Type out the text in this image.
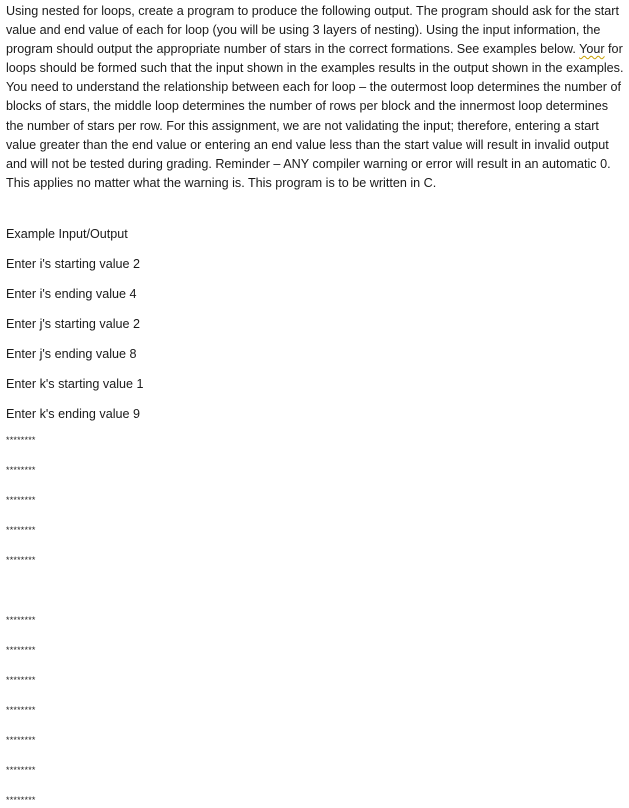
Using nested for loops, create a program to produce the following output. The program should ask for the start value and end value of each for loop (you will be using 3 layers of nesting). Using the input information, the program should output the appropriate number of stars in the correct formations. See examples below. Your for loops should be formed such that the input shown in the examples results in the output shown in the examples. You need to understand the relationship between each for loop – the outermost loop determines the number of blocks of stars, the middle loop determines the number of rows per block and the innermost loop determines the number of stars per row. For this assignment, we are not validating the input; therefore, entering a start value greater than the end value or entering an end value less than the start value will result in invalid output and will not be tested during grading. Reminder – ANY compiler warning or error will result in an automatic 0. This applies no matter what the warning is. This program is to be written in C.

Example Input/Output

Enter i's starting value 2

Enter i's ending value 4

Enter j's starting value 2

Enter j's ending value 8

Enter k's starting value 1

Enter k's ending value 9

********

********

********

********

********

********

********

********

********

********

********

********
